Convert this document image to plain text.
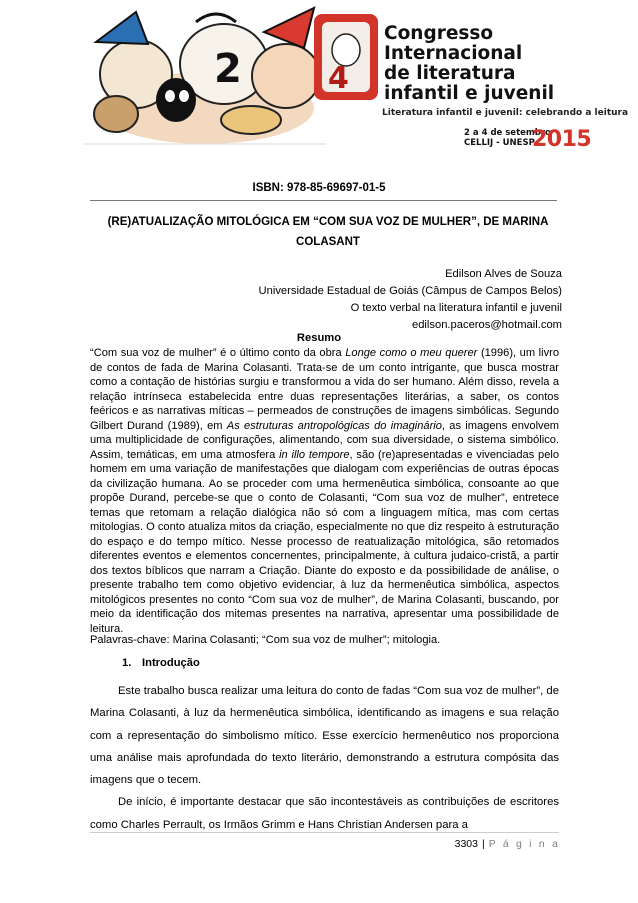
2	4
Congresso
Internacional
de literatura
infantil e juvenil
Literatura infantil e juvenil: celebrando a leitura
2 a 4 de setembro
CELLIJ - UNESP
2015
ISBN: 978-85-69697-01-5
(RE)ATUALIZAÇÃO MITOLÓGICA EM “COM SUA VOZ DE MULHER”, DE MARINA COLASANT
Edilson Alves de Souza
Universidade Estadual de Goiás (Câmpus de Campos Belos)
O texto verbal na literatura infantil e juvenil
edilson.paceros@hotmail.com
Resumo

“Com sua voz de mulher” é o último conto da obra Longe como o meu querer (1996), um livro de contos de fada de Marina Colasanti. Trata-se de um conto intrigante, que busca mostrar como a contação de histórias surgiu e transformou a vida do ser humano. Além disso, revela a relação intrínseca estabelecida entre duas representações literárias, a saber, os contos feéricos e as narrativas míticas – permeados de construções de imagens simbólicas. Segundo Gilbert Durand (1989), em As estruturas antropológicas do imaginário, as imagens envolvem uma multiplicidade de configurações, alimentando, com sua diversidade, o sistema simbólico. Assim, temáticas, em uma atmosfera in illo tempore, são (re)apresentadas e vivenciadas pelo homem em uma variação de manifestações que dialogam com experiências de outras épocas da civilização humana. Ao se proceder com uma hermenêutica simbólica, consoante ao que propõe Durand, percebe-se que o conto de Colasanti, “Com sua voz de mulher”, entretece temas que retomam a relação dialógica não só com a linguagem mítica, mas com certas mitologias. O conto atualiza mitos da criação, especialmente no que diz respeito à estruturação do espaço e do tempo mítico. Nesse processo de reatualização mitológica, são retomados diferentes eventos e elementos concernentes, principalmente, à cultura judaico-cristã, a partir dos textos bíblicos que narram a Criação. Diante do exposto e da possibilidade de análise, o presente trabalho tem como objetivo evidenciar, à luz da hermenêutica simbólica, aspectos mitológicos presentes no conto “Com sua voz de mulher”, de Marina Colasanti, buscando, por meio da identificação dos mitemas presentes na narrativa, apresentar uma possibilidade de leitura.

Palavras-chave: Marina Colasanti; “Com sua voz de mulher”; mitologia.

1. Introdução

Este trabalho busca realizar uma leitura do conto de fadas “Com sua voz de mulher”, de Marina Colasanti, à luz da hermenêutica simbólica, identificando as imagens e sua relação com a representação do simbolismo mítico. Esse exercício hermenêutico nos proporciona uma análise mais aprofundada do texto literário, demonstrando a estrutura compósita das imagens que o tecem.

De início, é importante destacar que são incontestáveis as contribuições de escritores como Charles Perrault, os Irmãos Grimm e Hans Christian Andersen para a

3303 | P á g i n a
